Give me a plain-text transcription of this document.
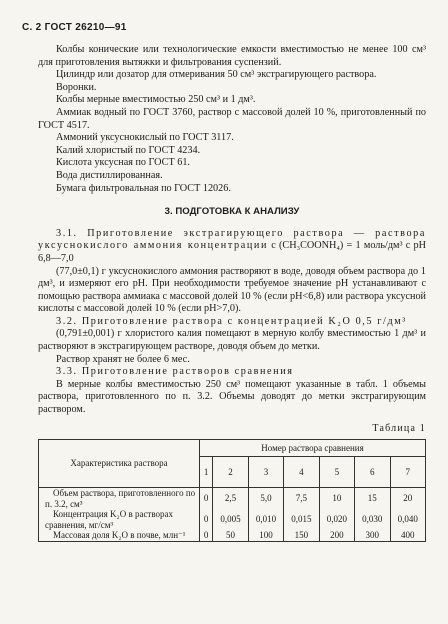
С. 2 ГОСТ 26210—91

Колбы конические или технологические емкости вместимостью не менее 100 см³ для приготовления вытяжки и фильтрования суспензий.

Цилиндр или дозатор для отмеривания 50 см³ экстрагирующего раствора.

Воронки.

Колбы мерные вместимостью 250 см³ и 1 дм³.

Аммиак водный по ГОСТ 3760, раствор с массовой долей 10 %, приготовленный по ГОСТ 4517.

Аммоний уксуснокислый по ГОСТ 3117.

Калий хлористый по ГОСТ 4234.

Кислота уксусная по ГОСТ 61.

Вода дистиллированная.

Бумага фильтровальная по ГОСТ 12026.

3. ПОДГОТОВКА К АНАЛИЗУ

3.1. Приготовление экстрагирующего раствора — раствора уксуснокислого аммония концентрации с (CH₃COONH₄) = 1 моль/дм³ с pH 6,8—7,0

(77,0±0,1) г уксуснокислого аммония растворяют в воде, доводя объем раствора до 1 дм³, и измеряют его pH. При необходимости требуемое значение pH устанавливают с помощью раствора аммиака с массовой долей 10 % (если pH<6,8) или раствора уксусной кислоты с массовой долей 10 % (если pH>7,0).

3.2. Приготовление раствора с концентрацией K₂O 0,5 г/дм³

(0,791±0,001) г хлористого калия помещают в мерную колбу вместимостью 1 дм³ и растворяют в экстрагирующем растворе, доводя объем до метки.

Раствор хранят не более 6 мес.

3.3. Приготовление растворов сравнения

В мерные колбы вместимостью 250 см³ помещают указанные в табл. 1 объемы раствора, приготовленного по п. 3.2. Объемы доводят до метки экстрагирующим раствором.

Таблица 1
Характеристика раствора	Номер раствора сравнения						
	1	2	3	4	5	6	7
Объем раствора, приготовленного по п. 3.2, см³	0	2,5	5,0	7,5	10	15	20
Концентрация K₂O в растворах сравнения, мг/см³	0	0,005	0,010	0,015	0,020	0,030	0,040
Массовая доля K₂O в почве, млн⁻¹	0	50	100	150	200	300	400
